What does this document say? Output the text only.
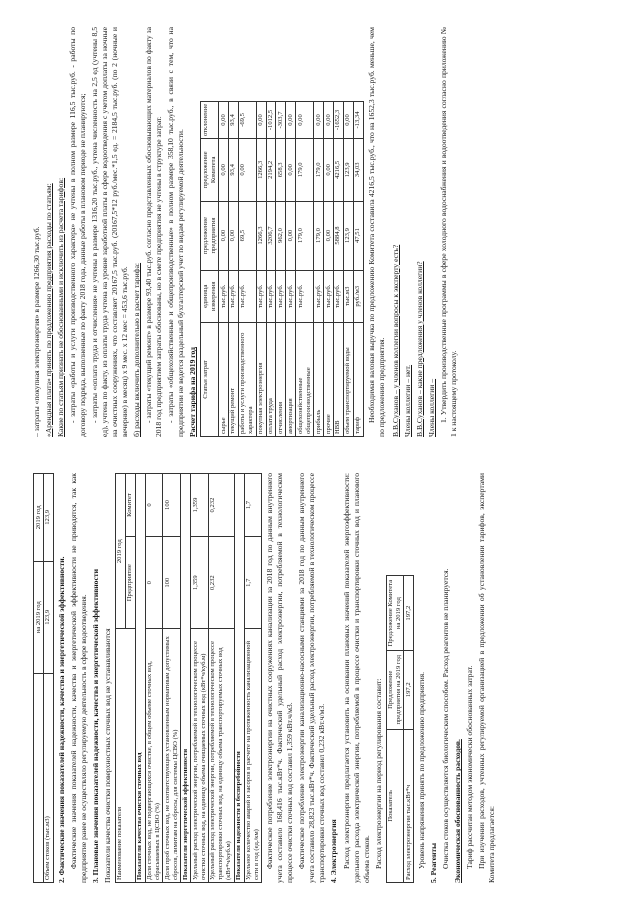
	на 2019 год	2019 год
Объем стоков (тыс.м3)	123,9	123,9

2. Фактические значения показателей надежности, качества и энергетической эффективности. Фактические значения показателей надежности, качества и энергетической эффективности не приводятся, так как предприятие ранее не осуществляло регулируемую деятельность в сфере водоотведения. 3. Плановые значения показателей надежности, качества и энергетической эффективности Показатели качества очистки поверхностных сточных вод не устанавливаются Наименование показателя	2019 год	
	Предприятие	Комитет
Показатели качества очистки сточных вод		
Доля сточных вод, не подвергающихся очистке, в общем объеме сточных вод, сбрасываемых в ЦСВО (%)	0	0
Доля проб сточных вод, не соответствующих установленным нормативам допустимых сбросов, лимитам на сбросы, для системы ЦСВО (%)	100	100
Показатели энергетической эффективности		
Удельный расход электрической энергии, потребляемой в технологическом процессе очистки сточных вод, на единицу объема очищаемых сточных вод (кВт*ч/куб.м)	1,359	1,359
Удельный расход электрической энергии, потребляемой в технологическом процессе транспортировки сточных вод, на единицу объема транспортируемых сточных вод (кВт*ч/куб.м)	0,232	0,232
Показатели надежности и бесперебойности		
Удельное количество аварий и засоров в расчете на протяженность канализационной сети в год (ед./км)	1,7	1,7 Фактическое потребление электроэнергии на очистных сооружениях канализации за 2018 год по данным внутреннего учета составило 168,416 тыс.кВт*ч. Фактический удельный расход электроэнергии, потребляемой в технологическом процессе очистки сточных вод составил 1,359 кВт.ч/м3. Фактическое потребление электроэнергии канализационно-насосными станциями за 2018 год по данным внутреннего учета составило 28,823 тыс.кВт*ч. Фактический удельный расход электроэнергии, потребляемой в технологическом процессе транспортировки сточных вод составил 0,232 кВт.ч/м3. 4. Электроэнергия Расход электроэнергии предлагается установить на основании плановых значений показателей энергоэффективности: удельного расхода электрической энергии, потребляемой в процессе очистки и транспортировки сточных вод и планового объема стоков. Расход электроэнергии на период регулирования составит: Показатель	Предложение предприятия на 2019 год	Предложение Комитета на 2019 год
Расход электроэнергии тыс.кВт*ч	197,2	197,2

Уровень напряжения принять по предложению предприятия. 5. Реагенты Очистка стоков осуществляется биологическим способом. Расход реагентов не планируется. Экономическая обоснованность расходов. Тариф рассчитан методом экономически обоснованных затрат. При изучении расходов, учтенных регулируемой организацией в предложении об установлении тарифов, экспертами Комитета предлагается:

– затраты «покупная электроэнергия» в размере 1266,30 тыс.руб. «Арендная плата» принять по предложению предприятия расходы по статьям: Какие по статьям признать не обоснованными и исключить из расчета тарифов: - затраты «работы и услуги производственного характера» не учтены в полном размере 116,5 тыс.руб. - работы по договору подряда, выполненные по факту 2018 года, данные работы в плановом периоде не планируются; - затраты «оплата труда и отчисления» не учтены в размере 1316,20 тыс.руб., учтена численность на 2,5 ед (учтены 8,5 ед), учтена по факту, из оплаты труда учтена на уровне заработной платы в сфере водоотведения с учетом доплаты за ночные на очистных сооружениях, что составляет 20167,5 тыс.руб. (20167,5*12 руб./мес.*1,5 ед. = 2184,5 тыс.руб. (по 2 (ночные и вечерние) в месяц) х 9 мес. х 12 мес = 453,6 тыс.руб. б) расходы включить дополнительно в расчет тарифа: - затраты «текущий ремонт» в размере 93,40 тыс.руб. согласно представленных обосновывающих материалов по факту за 2018 год предприятием затраты обоснованы, но в смете предприятия не учтены в структуре затрат. - затраты «общехозяйственные и общепроизводственные» в полном размере 358,10 тыс.руб., в связи с тем, что на предприятии не ведется раздельный бухгалтерский учет по видам регулируемой деятельности. Расчет тарифа на 2019 год Статьи затрат	единица измерения	предложение предприятия	предложение Комитета	отклонение
сырье	тыс.руб.	0,00	0,00	0,00
текущий ремонт	тыс.руб.	0,00	93,4	93,4
работы и услуги производственного характера	тыс.руб.	69,5	0,00	-69,5
покупная электроэнергия	тыс.руб.	1266,3	1266,3	0,00
оплата труда	тыс.руб.	3206,7	2194,2	-1012,5
отчисления	тыс.руб.	962,0	658,3	-303,7
амортизация	тыс.руб.	0,00	0,00	0,00
общехозяйственные общепроизводственные	тыс.руб.	179,0	179,0	0,00
прибыль	тыс.руб.	179,0	179,0	0,00
прочие	тыс.руб.	0,00	0,00	0,00
НВВ	тыс.руб.	5884,8	4216,5	-1652,3
объем транспортируемой воды	тыс.м3	123,9	123,9	0,00
тариф	руб./м3	47,51	34,03	-13,34 Необходимая валовая выручка по предложению Комитета составила 4216,5 тыс.руб., что на 1652,3 тыс.руб. меньше, чем по предложению предприятия. В.В.Суханов – у членов коллегии вопросы к эксперту есть? Члены коллегии – нет. В.В.Суханов – какие предложения у членов коллегии? Члены коллегии – 1. Утвердить производственные программы в сфере холодного водоснабжения и водоотведения согласно приложению № 1 к настоящему протоколу.
